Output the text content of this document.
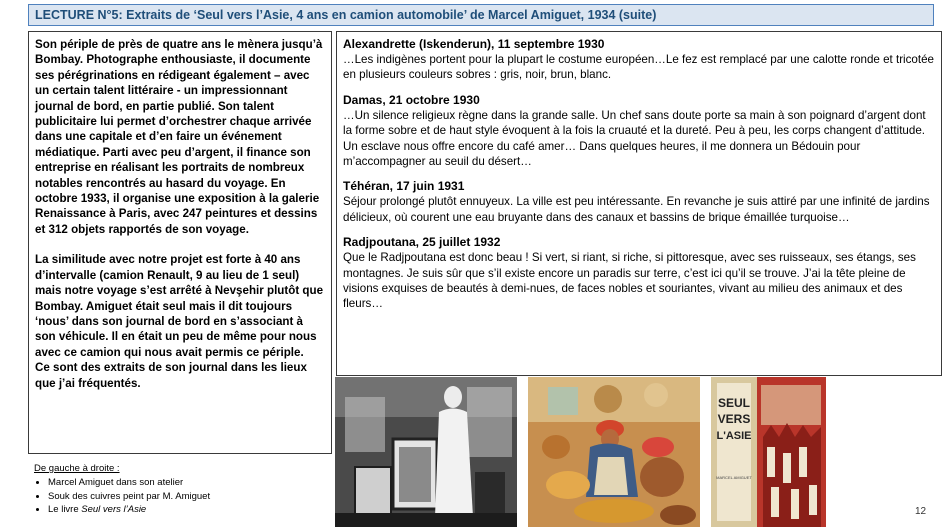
LECTURE N°5: Extraits de ‘Seul vers l’Asie, 4 ans en camion automobile’ de Marcel Amiguet, 1934 (suite)

Son périple de près de quatre ans le mènera jusqu’à Bombay. Photographe enthousiaste, il documente ses pérégrinations en rédigeant également – avec un certain talent littéraire - un impressionnant journal de bord, en partie publié. Son talent publicitaire lui permet d’orchestrer chaque arrivée dans une capitale et d’en faire un événement médiatique. Parti avec peu d’argent, il finance son entreprise en réalisant les portraits de nombreux notables rencontrés au hasard du voyage. En octobre 1933, il organise une exposition à la galerie Renaissance à Paris, avec 247 peintures et dessins et 312 objets rapportés de son voyage.

La similitude avec notre projet est forte à 40 ans d’intervalle (camion Renault, 9 au lieu de 1 seul) mais notre voyage s’est arrêté à Nevşehir plutôt que Bombay. Amiguet était seul mais il dit toujours ‘nous’ dans son journal de bord en s’associant à son véhicule. Il en était un peu de même pour nous avec ce camion qui nous avait permis ce périple.

Ce sont des extraits de son journal dans les lieux que j’ai fréquentés.

Alexandrette (Iskenderun), 11 septembre 1930

…Les indigènes portent pour la plupart le costume européen…Le fez est remplacé par une calotte ronde et tricotée en plusieurs couleurs sobres : gris, noir, brun, blanc.

Damas, 21 octobre 1930

…Un silence religieux règne dans la grande salle. Un chef sans doute porte sa main à son poignard d’argent dont la forme sobre et de haut style évoquent à la fois la cruauté et la dureté. Peu à peu, les corps changent d’attitude. Un esclave nous offre encore du café amer… Dans quelques heures, il me donnera un Bédouin pour m’accompagner au seuil du désert…

Téhéran, 17 juin 1931

Séjour prolongé plutôt ennuyeux. La ville est peu intéressante. En revanche je suis attiré par une infinité de jardins délicieux, où courent une eau bruyante dans des canaux et bassins de brique émaillée turquoise…

Radjpoutana, 25 juillet 1932

Que le Radjpoutana est donc beau ! Si vert, si riant, si riche, si pittoresque, avec ses ruisseaux, ses étangs, ses montagnes. Je suis sûr que s’il existe encore un paradis sur terre, c’est ici qu’il se trouve. J’ai la tête pleine de visions exquises de beautés à demi-nues, de faces nobles et souriantes, vivant au milieu des animaux et des fleurs…

De gauche à droite :
• Marcel Amiguet dans son atelier
• Souk des cuivres peint par M. Amiguet
• Le livre Seul vers l’Asie
SEUL
VERS
L'ASIE
MARCEL AMIGUET
12
